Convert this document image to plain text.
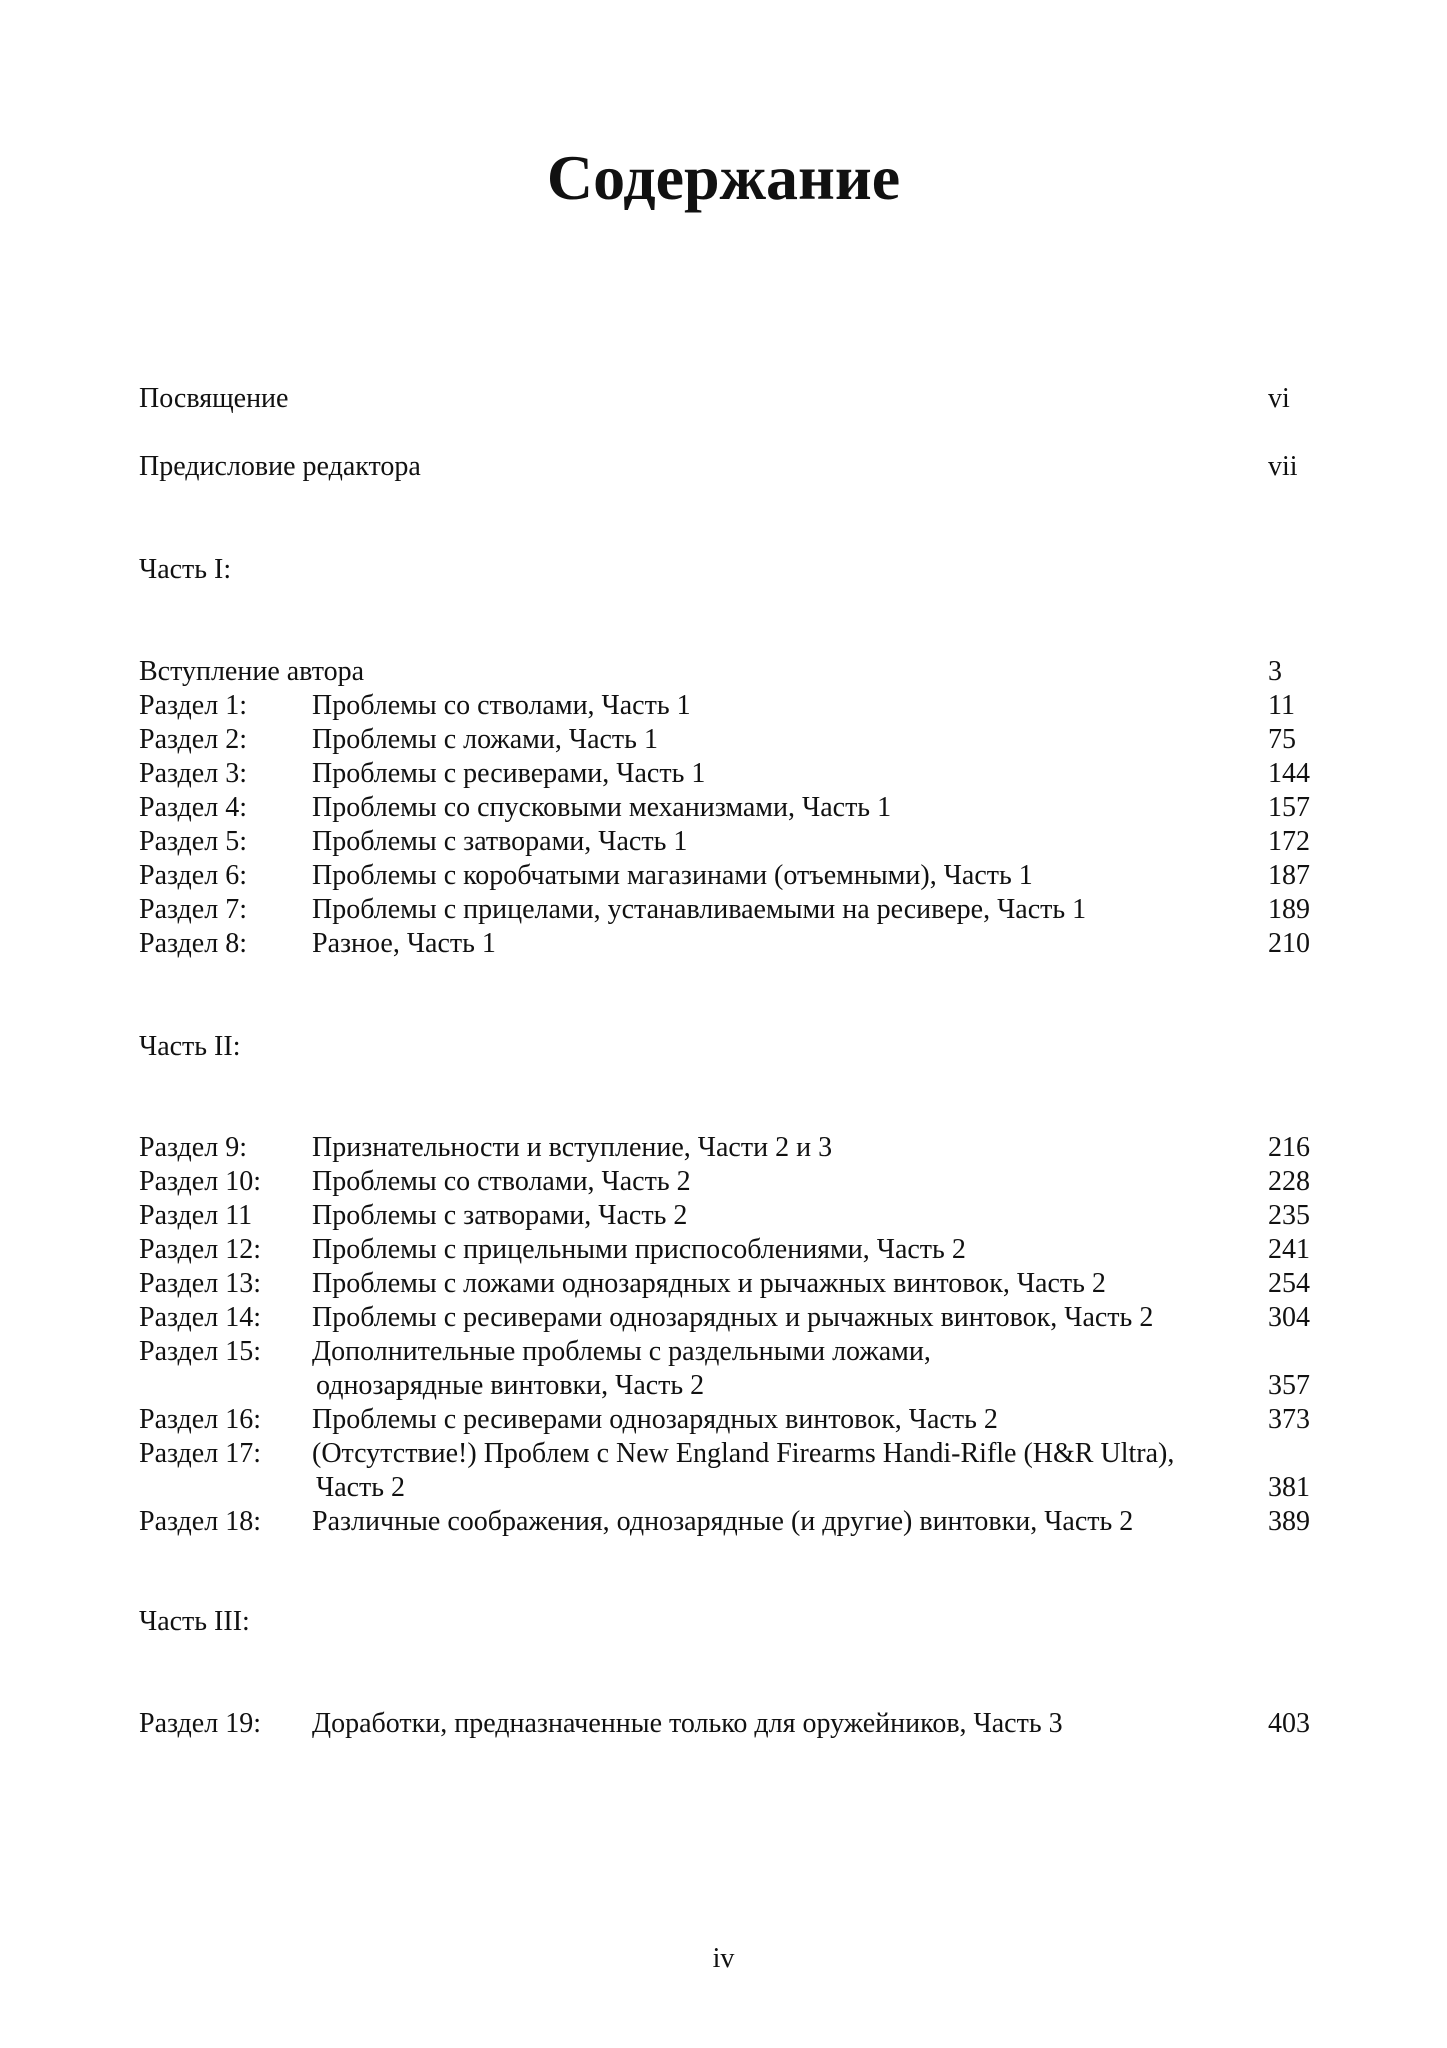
Содержание
Посвящение	vi
Предисловие редактора	vii
Часть I:
Вступление автора	3
Раздел 1: Проблемы со стволами, Часть 1	11
Раздел 2: Проблемы с ложами, Часть 1	75
Раздел 3: Проблемы с ресиверами, Часть 1	144
Раздел 4: Проблемы со спусковыми механизмами, Часть 1	157
Раздел 5: Проблемы с затворами, Часть 1	172
Раздел 6: Проблемы с коробчатыми магазинами (отъемными), Часть 1	187
Раздел 7: Проблемы с прицелами, устанавливаемыми на ресивере, Часть 1	189
Раздел 8: Разное, Часть 1	210
Часть II:
Раздел 9: Признательности и вступление, Части 2 и 3	216
Раздел 10: Проблемы со стволами, Часть 2	228
Раздел 11 Проблемы с затворами, Часть 2	235
Раздел 12: Проблемы с прицельными приспособлениями, Часть 2	241
Раздел 13: Проблемы с ложами однозарядных и рычажных винтовок, Часть 2	254
Раздел 14: Проблемы с ресиверами однозарядных и рычажных винтовок, Часть 2	304
Раздел 15: Дополнительные проблемы с раздельными ложами,
однозарядные винтовки, Часть 2	357
Раздел 16: Проблемы с ресиверами однозарядных винтовок, Часть 2	373
Раздел 17: (Отсутствие!) Проблем с New England Firearms Handi-Rifle (H&R Ultra),
Часть 2	381
Раздел 18: Различные соображения, однозарядные (и другие) винтовки, Часть 2	389
Часть III:
Раздел 19: Доработки, предназначенные только для оружейников, Часть 3	403
iv
